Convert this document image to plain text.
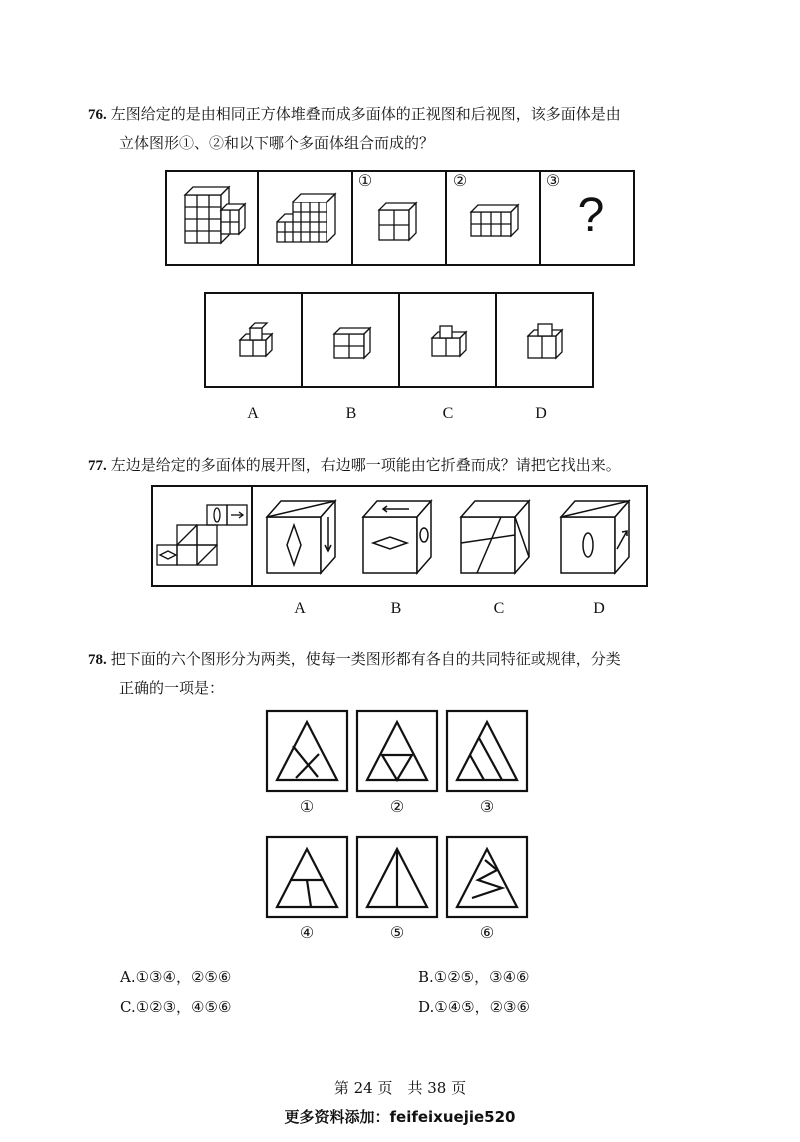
76. 左图给定的是由相同正方体堆叠而成多面体的正视图和后视图，该多面体是由
立体图形①、②和以下哪个多面体组合而成的？
①	②	③
?
A	B	C	D
77. 左边是给定的多面体的展开图，右边哪一项能由它折叠而成？请把它找出来。
A	B	C	D
78. 把下面的六个图形分为两类，使每一类图形都有各自的共同特征或规律，分类
正确的一项是：
①	②	③
④	⑤	⑥
A.①③④，②⑤⑥	B.①②⑤，③④⑥
C.①②③，④⑤⑥	D.①④⑤，②③⑥
第 24 页　共 38 页
更多资料添加：feifeixuejie520
